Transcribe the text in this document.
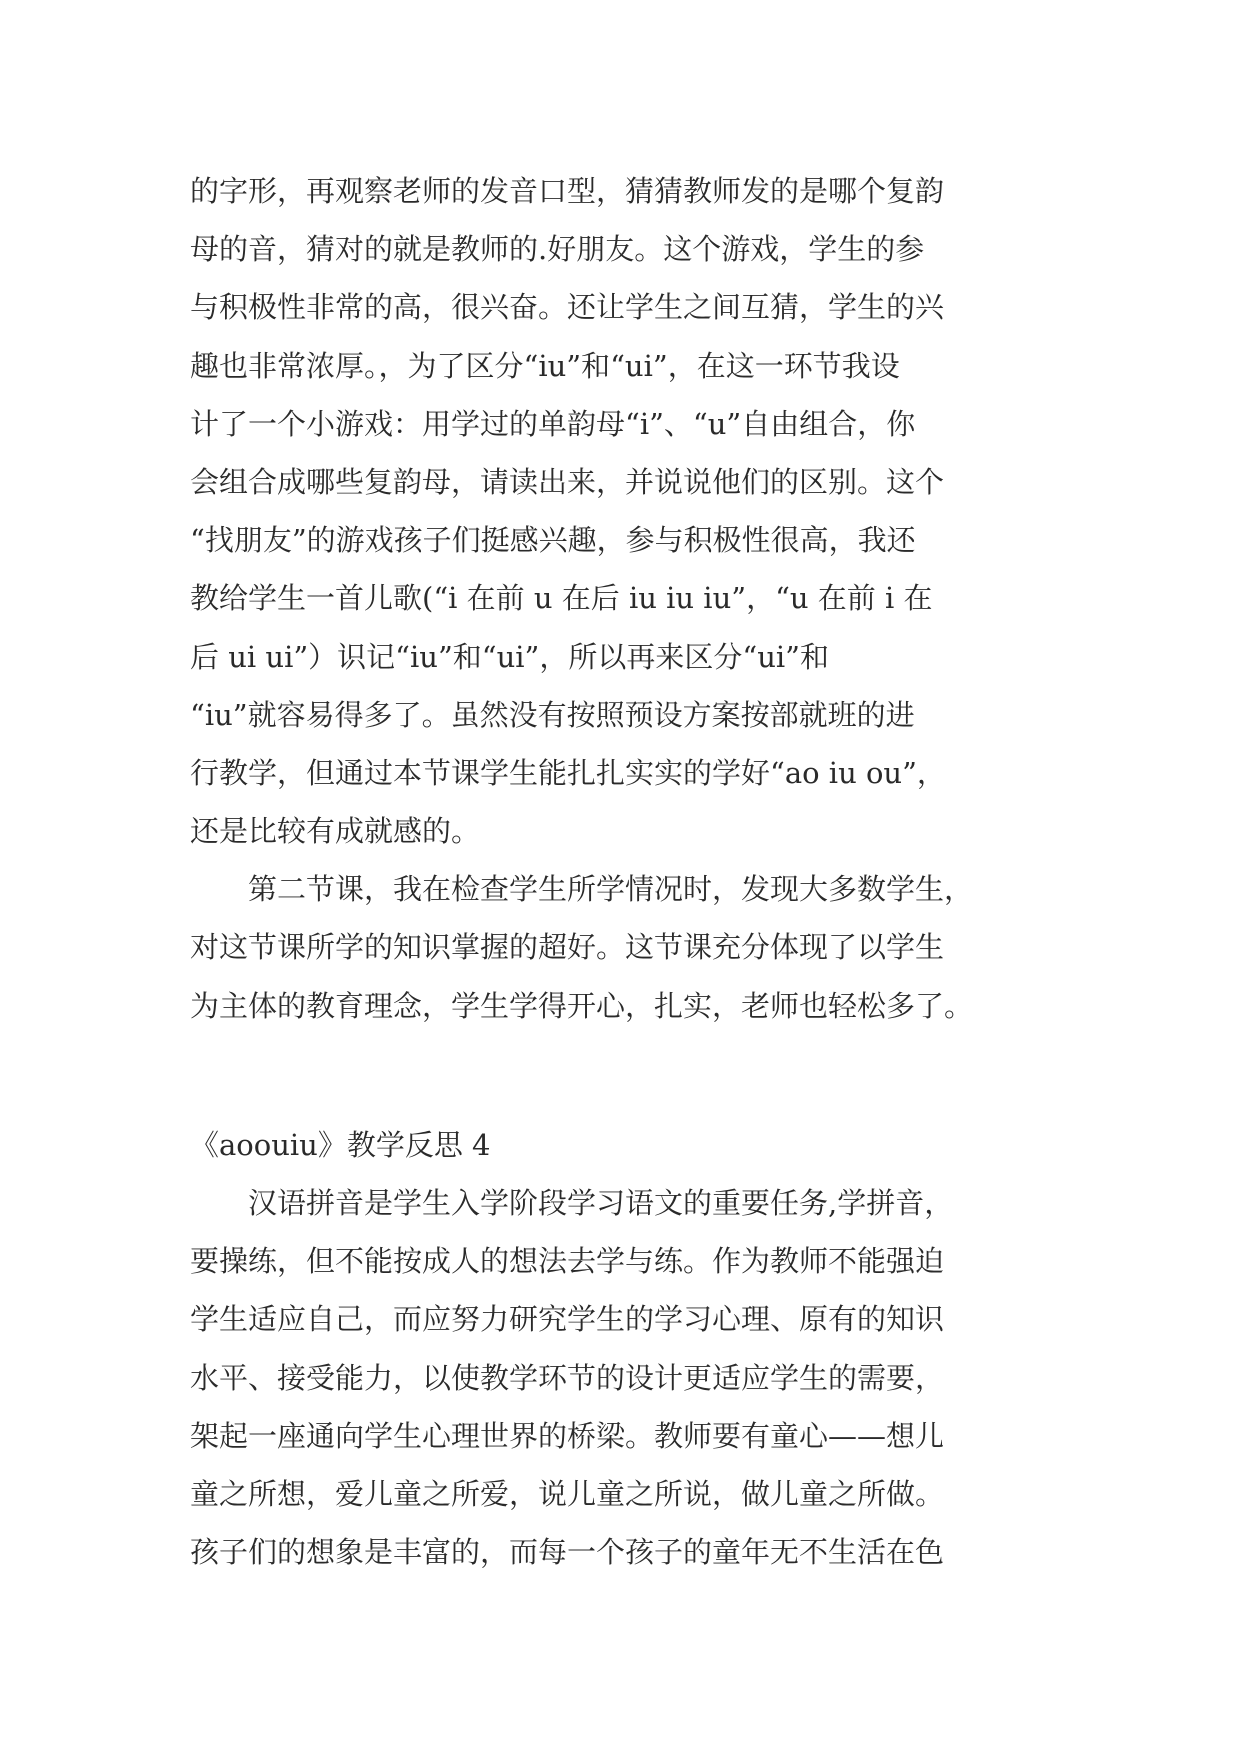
的字形，再观察老师的发音口型，猜猜教师发的是哪个复韵
母的音，猜对的就是教师的.好朋友。这个游戏，学生的参
与积极性非常的高，很兴奋。还让学生之间互猜，学生的兴
趣也非常浓厚。，为了区分“iu”和“ui”，在这一环节我设
计了一个小游戏：用学过的单韵母“i”、“u”自由组合，你
会组合成哪些复韵母，请读出来，并说说他们的区别。这个
“找朋友”的游戏孩子们挺感兴趣，参与积极性很高，我还
教给学生一首儿歌(“i 在前 u 在后 iu iu iu”，“u 在前 i 在
后 ui ui”）识记“iu”和“ui”，所以再来区分“ui”和
“iu”就容易得多了。虽然没有按照预设方案按部就班的进
行教学，但通过本节课学生能扎扎实实的学好“ao iu ou”，
还是比较有成就感的。
　　第二节课，我在检查学生所学情况时，发现大多数学生，
对这节课所学的知识掌握的超好。这节课充分体现了以学生
为主体的教育理念，学生学得开心，扎实，老师也轻松多了。
《aoouiu》教学反思 4
　　汉语拼音是学生入学阶段学习语文的重要任务,学拼音，
要操练，但不能按成人的想法去学与练。作为教师不能强迫
学生适应自己，而应努力研究学生的学习心理、原有的知识
水平、接受能力，以使教学环节的设计更适应学生的需要，
架起一座通向学生心理世界的桥梁。教师要有童心——想儿
童之所想，爱儿童之所爱，说儿童之所说，做儿童之所做。
孩子们的想象是丰富的，而每一个孩子的童年无不生活在色
